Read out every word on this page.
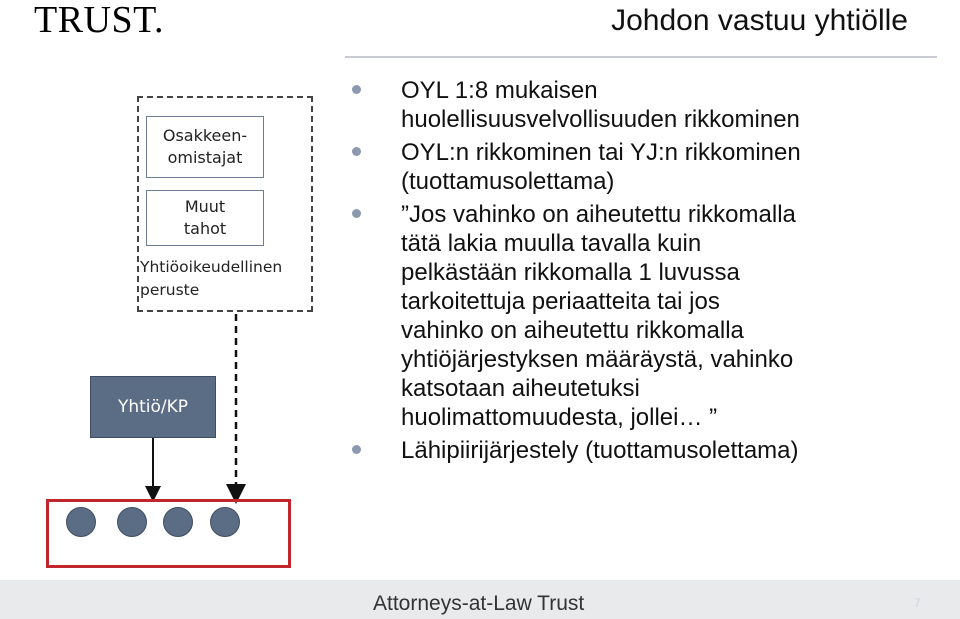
TRUST.	Johdon vastuu yhtiölle
Osakkeen-
omistajat
Muut
tahot
Yhtiöoikeudellinen
peruste
Yhtiö/KP
OYL 1:8 mukaisen
huolellisuusvelvollisuuden rikkominen
OYL:n rikkominen tai YJ:n rikkominen
(tuottamusolettama)
”Jos vahinko on aiheutettu rikkomalla
tätä lakia muulla tavalla kuin
pelkästään rikkomalla 1 luvussa
tarkoitettuja periaatteita tai jos
vahinko on aiheutettu rikkomalla
yhtiöjärjestyksen määräystä, vahinko
katsotaan aiheutetuksi
huolimattomuudesta, jollei… ”
Lähipiirijärjestely (tuottamusolettama)
Attorneys-at-Law Trust	7
